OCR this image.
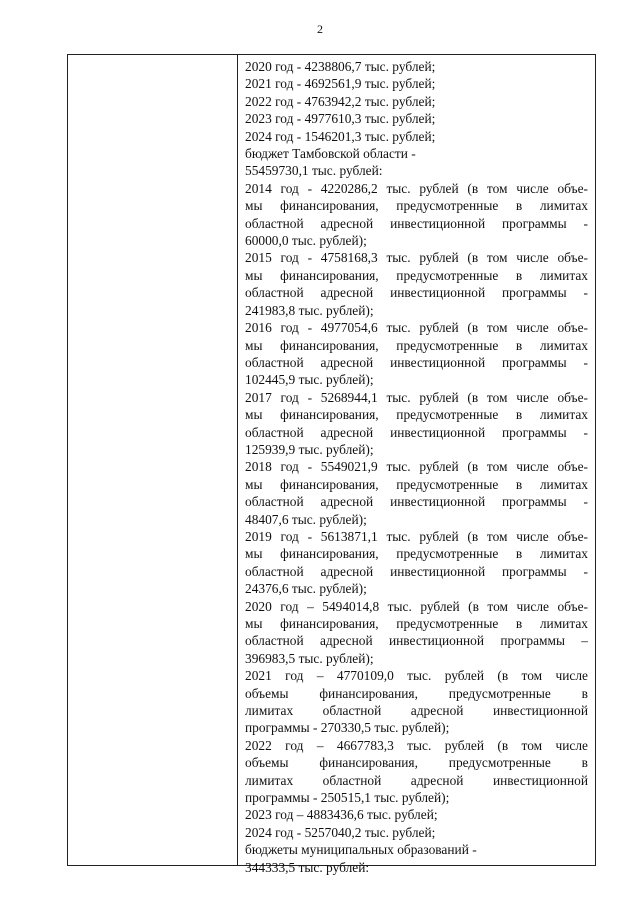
2
2020 год - 4238806,7 тыс. рублей;
2021 год - 4692561,9 тыс. рублей;
2022 год - 4763942,2 тыс. рублей;
2023 год - 4977610,3 тыс. рублей;
2024 год - 1546201,3 тыс. рублей;
бюджет Тамбовской области -
55459730,1 тыс. рублей:
2014 год - 4220286,2 тыс. рублей (в том числе объе-
мы финансирования, предусмотренные в лимитах
областной адресной инвестиционной программы -
60000,0 тыс. рублей);
2015 год - 4758168,3 тыс. рублей (в том числе объе-
мы финансирования, предусмотренные в лимитах
областной адресной инвестиционной программы -
241983,8 тыс. рублей);
2016 год - 4977054,6 тыс. рублей (в том числе объе-
мы финансирования, предусмотренные в лимитах
областной адресной инвестиционной программы -
102445,9 тыс. рублей);
2017 год - 5268944,1 тыс. рублей (в том числе объе-
мы финансирования, предусмотренные в лимитах
областной адресной инвестиционной программы -
125939,9 тыс. рублей);
2018 год - 5549021,9 тыс. рублей (в том числе объе-
мы финансирования, предусмотренные в лимитах
областной адресной инвестиционной программы -
48407,6 тыс. рублей);
2019 год - 5613871,1 тыс. рублей (в том числе объе-
мы финансирования, предусмотренные в лимитах
областной адресной инвестиционной программы -
24376,6 тыс. рублей);
2020 год – 5494014,8 тыс. рублей (в том числе объе-
мы финансирования, предусмотренные в лимитах
областной адресной инвестиционной программы –
396983,5 тыс. рублей);
2021 год – 4770109,0 тыс. рублей (в том числе
объемы финансирования, предусмотренные в
лимитах областной адресной инвестиционной
программы - 270330,5 тыс. рублей);
2022 год – 4667783,3 тыс. рублей (в том числе
объемы финансирования, предусмотренные в
лимитах областной адресной инвестиционной
программы - 250515,1 тыс. рублей);
2023 год – 4883436,6 тыс. рублей;
2024 год - 5257040,2 тыс. рублей;
бюджеты муниципальных образований -
344333,5 тыс. рублей:
